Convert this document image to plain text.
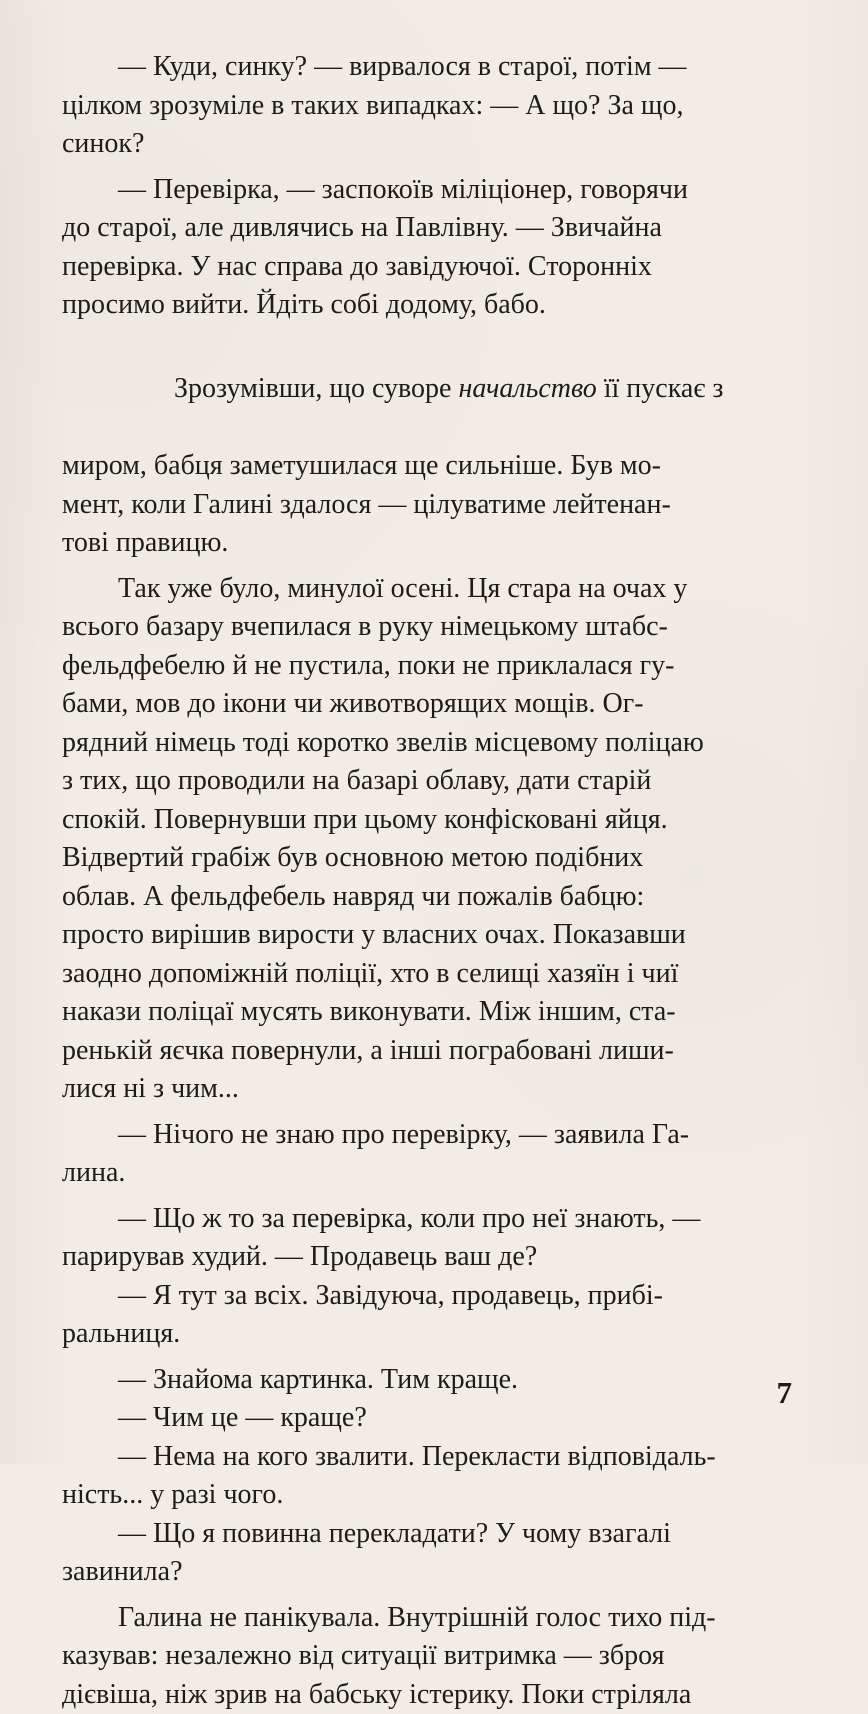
— Куди, синку? — вирвалося в старої, потім —
цілком зрозуміле в таких випадках: — А що? За що,
синок?
— Перевірка, — заспокоїв міліціонер, говорячи
до старої, але дивлячись на Павлівну. — Звичайна
перевірка. У нас справа до завідуючої. Сторонніх
просимо вийти. Йдіть собі додому, бабо.

Зрозумівши, що суворе начальство її пускає з

миром, бабця заметушилася ще сильніше. Був мо-
мент, коли Галині здалося — цілуватиме лейтенан-
тові правицю.
Так уже було, минулої осені. Ця стара на очах у
всього базару вчепилася в руку німецькому штабс-
фельдфебелю й не пустила, поки не приклалася гу-
бами, мов до ікони чи животворящих мощів. Ог-
рядний німець тоді коротко звелів місцевому поліцаю
з тих, що проводили на базарі облаву, дати старій
спокій. Повернувши при цьому конфісковані яйця.
Відвертий грабіж був основною метою подібних
облав. А фельдфебель навряд чи пожалів бабцю:
просто вирішив вирости у власних очах. Показавши
заодно допоміжній поліції, хто в селищі хазяїн і чиї
накази поліцаї мусять виконувати. Між іншим, ста-
ренькій яєчка повернули, а інші пограбовані лиши-
лися ні з чим...
— Нічого не знаю про перевірку, — заявила Га-
лина.
— Що ж то за перевірка, коли про неї знають, —
парирував худий. — Продавець ваш де?
— Я тут за всіх. Завідуюча, продавець, прибі-
ральниця.
— Знайома картинка. Тим краще.
— Чим це — краще?
— Нема на кого звалити. Перекласти відповідаль-
ність... у разі чого.
— Що я повинна перекладати? У чому взагалі
завинила?
Галина не панікувала. Внутрішній голос тихо під-
казував: незалежно від ситуації витримка — зброя
дієвіша, ніж зрив на бабську істерику. Поки стріляла
7
